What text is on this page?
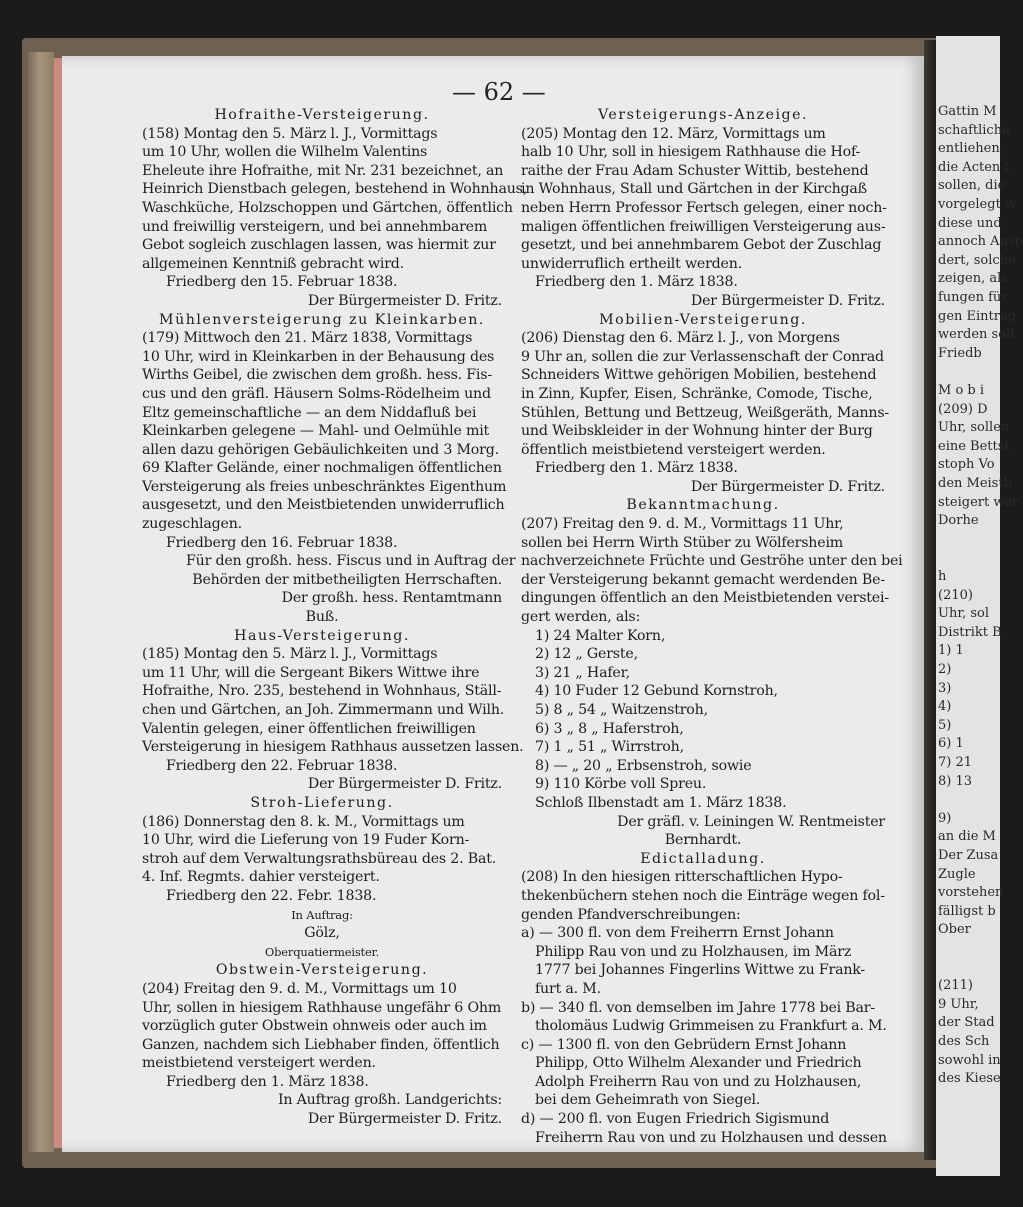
Gattin M
schaftliche
entliehen,
die Acten t
sollen, die
vorgelegt w
diese und
annoch Ansp
dert, solche
zeigen, als
fungen für
gen Eintrag
werden soll
Friedb
M o b i
(209) D
Uhr, sollen
eine Bettst
stoph Vo
den Meistb
steigert wer
Dorhe
h
(210)
Uhr, sol
Distrikt B
1) 1
2)
3)
4)
5)
6) 1
7) 21
8) 13
9)
an die M
Der Zusa
Zugle
vorstehen
fälligst b
Ober
(211)
9 Uhr,
der Stad
des Sch
sowohl in
des Kiese
— 62 —

Hofraithe-Versteigerung.

(158) Montag den 5. März l. J., Vormittags

um 10 Uhr, wollen die Wilhelm Valentins

Eheleute ihre Hofraithe, mit Nr. 231 bezeichnet, an

Heinrich Dienstbach gelegen, bestehend in Wohnhaus,

Waschküche, Holzschoppen und Gärtchen, öffentlich

und freiwillig versteigern, und bei annehmbarem

Gebot sogleich zuschlagen lassen, was hiermit zur

allgemeinen Kenntniß gebracht wird.

Friedberg den 15. Februar 1838.

Der Bürgermeister D. Fritz.

Mühlenversteigerung zu Kleinkarben.

(179) Mittwoch den 21. März 1838, Vormittags

10 Uhr, wird in Kleinkarben in der Behausung des

Wirths Geibel, die zwischen dem großh. hess. Fis-

cus und den gräfl. Häusern Solms-Rödelheim und

Eltz gemeinschaftliche — an dem Niddafluß bei

Kleinkarben gelegene — Mahl- und Oelmühle mit

allen dazu gehörigen Gebäulichkeiten und 3 Morg.

69 Klafter Gelände, einer nochmaligen öffentlichen

Versteigerung als freies unbeschränktes Eigenthum

ausgesetzt, und den Meistbietenden unwiderruflich

zugeschlagen.

Friedberg den 16. Februar 1838.

Für den großh. hess. Fiscus und in Auftrag der

Behörden der mitbetheiligten Herrschaften.

Der großh. hess. Rentamtmann

Buß.

Haus-Versteigerung.

(185) Montag den 5. März l. J., Vormittags

um 11 Uhr, will die Sergeant Bikers Wittwe ihre

Hofraithe, Nro. 235, bestehend in Wohnhaus, Ställ-

chen und Gärtchen, an Joh. Zimmermann und Wilh.

Valentin gelegen, einer öffentlichen freiwilligen

Versteigerung in hiesigem Rathhaus aussetzen lassen.

Friedberg den 22. Februar 1838.

Der Bürgermeister D. Fritz.

Stroh-Lieferung.

(186) Donnerstag den 8. k. M., Vormittags um

10 Uhr, wird die Lieferung von 19 Fuder Korn-

stroh auf dem Verwaltungsrathsbüreau des 2. Bat.

4. Inf. Regmts. dahier versteigert.

Friedberg den 22. Febr. 1838.

In Auftrag:

Gölz,

Oberquatiermeister.

Obstwein-Versteigerung.

(204) Freitag den 9. d. M., Vormittags um 10

Uhr, sollen in hiesigem Rathhause ungefähr 6 Ohm

vorzüglich guter Obstwein ohnweis oder auch im

Ganzen, nachdem sich Liebhaber finden, öffentlich

meistbietend versteigert werden.

Friedberg den 1. März 1838.

In Auftrag großh. Landgerichts:

Der Bürgermeister D. Fritz.

Versteigerungs-Anzeige.

(205) Montag den 12. März, Vormittags um

halb 10 Uhr, soll in hiesigem Rathhause die Hof-

raithe der Frau Adam Schuster Wittib, bestehend

in Wohnhaus, Stall und Gärtchen in der Kirchgaß

neben Herrn Professor Fertsch gelegen, einer noch-

maligen öffentlichen freiwilligen Versteigerung aus-

gesetzt, und bei annehmbarem Gebot der Zuschlag

unwiderruflich ertheilt werden.

Friedberg den 1. März 1838.

Der Bürgermeister D. Fritz.

Mobilien-Versteigerung.

(206) Dienstag den 6. März l. J., von Morgens

9 Uhr an, sollen die zur Verlassenschaft der Conrad

Schneiders Wittwe gehörigen Mobilien, bestehend

in Zinn, Kupfer, Eisen, Schränke, Comode, Tische,

Stühlen, Bettung und Bettzeug, Weißgeräth, Manns-

und Weibskleider in der Wohnung hinter der Burg

öffentlich meistbietend versteigert werden.

Friedberg den 1. März 1838.

Der Bürgermeister D. Fritz.

Bekanntmachung.

(207) Freitag den 9. d. M., Vormittags 11 Uhr,

sollen bei Herrn Wirth Stüber zu Wölfersheim

nachverzeichnete Früchte und Geströhe unter den bei

der Versteigerung bekannt gemacht werdenden Be-

dingungen öffentlich an den Meistbietenden verstei-

gert werden, als:

1) 24 Malter Korn,

2) 12 „ Gerste,

3) 21 „ Hafer,

4) 10 Fuder 12 Gebund Kornstroh,

5) 8 „ 54 „ Waitzenstroh,

6) 3 „ 8 „ Haferstroh,

7) 1 „ 51 „ Wirrstroh,

8) — „ 20 „ Erbsenstroh, sowie

9) 110 Körbe voll Spreu.

Schloß Ilbenstadt am 1. März 1838.

Der gräfl. v. Leiningen W. Rentmeister

Bernhardt.

Edictalladung.

(208) In den hiesigen ritterschaftlichen Hypo-

thekenbüchern stehen noch die Einträge wegen fol-

genden Pfandverschreibungen:

a) — 300 fl. von dem Freiherrn Ernst Johann

Philipp Rau von und zu Holzhausen, im März

1777 bei Johannes Fingerlins Wittwe zu Frank-

furt a. M.

b) — 340 fl. von demselben im Jahre 1778 bei Bar-

tholomäus Ludwig Grimmeisen zu Frankfurt a. M.

c) — 1300 fl. von den Gebrüdern Ernst Johann

Philipp, Otto Wilhelm Alexander und Friedrich

Adolph Freiherrn Rau von und zu Holzhausen,

bei dem Geheimrath von Siegel.

d) — 200 fl. von Eugen Friedrich Sigismund

Freiherrn Rau von und zu Holzhausen und dessen
